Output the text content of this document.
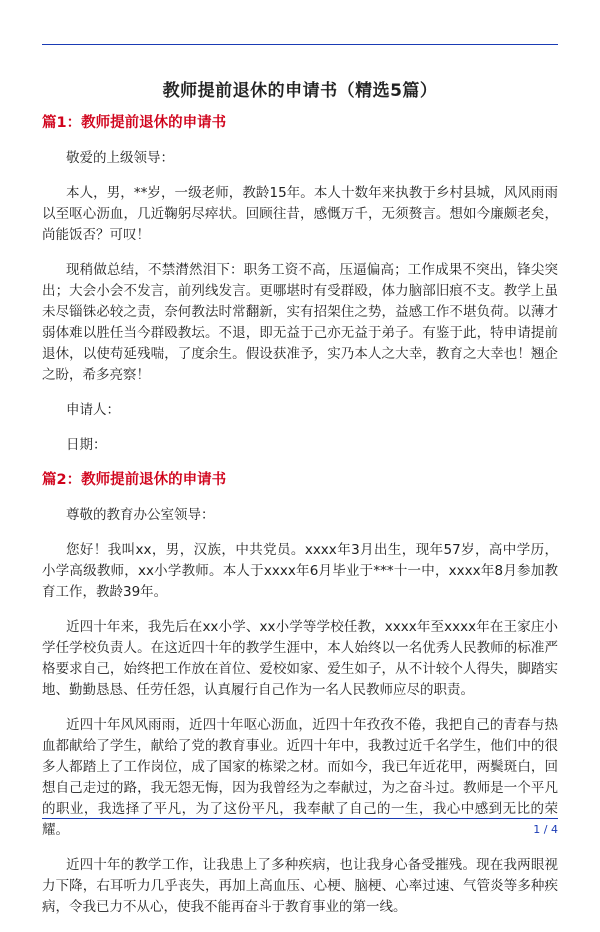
教师提前退休的申请书（精选5篇）
篇1：教师提前退休的申请书

敬爱的上级领导：

本人，男，**岁，一级老师，教龄15年。本人十数年来执教于乡村县城，风风雨雨以至呕心沥血，几近鞠躬尽瘁状。回顾往昔，感慨万千，无须赘言。想如今廉颇老矣，尚能饭否？可叹！

现稍做总结，不禁潸然泪下：职务工资不高，压逼偏高；工作成果不突出，锋尖突出；大会小会不发言，前列线发言。更哪堪时有受群殴，体力脑部旧痕不支。教学上虽未尽锱铢必较之责，奈何教法时常翻新，实有招架住之势，益感工作不堪负荷。以薄才弱体难以胜任当今群殴教坛。不退，即无益于己亦无益于弟子。有鉴于此，特申请提前退休，以使苟延残喘，了度余生。假设获准予，实乃本人之大幸，教育之大幸也！翘企之盼，希多亮察！

申请人：

日期：

篇2：教师提前退休的申请书

尊敬的教育办公室领导：

您好！我叫xx，男，汉族，中共党员。xxxx年3月出生，现年57岁，高中学历，小学高级教师，xx小学教师。本人于xxxx年6月毕业于***十一中，xxxx年8月参加教育工作，教龄39年。

近四十年来，我先后在xx小学、xx小学等学校任教，xxxx年至xxxx年在王家庄小学任学校负责人。在这近四十年的教学生涯中，本人始终以一名优秀人民教师的标准严格要求自己，始终把工作放在首位、爱校如家、爱生如子，从不计较个人得失，脚踏实地、勤勤恳恳、任劳任怨，认真履行自己作为一名人民教师应尽的职责。

近四十年风风雨雨，近四十年呕心沥血，近四十年孜孜不倦，我把自己的青春与热血都献给了学生，献给了党的教育事业。近四十年中，我教过近千名学生，他们中的很多人都踏上了工作岗位，成了国家的栋梁之材。而如今，我已年近花甲，两鬓斑白，回想自己走过的路，我无怨无悔，因为我曾经为之奉献过，为之奋斗过。教师是一个平凡的职业，我选择了平凡，为了这份平凡，我奉献了自己的一生，我心中感到无比的荣耀。

近四十年的教学工作，让我患上了多种疾病，也让我身心备受摧残。现在我两眼视力下降，右耳听力几乎丧失，再加上高血压、心梗、脑梗、心率过速、气管炎等多种疾病，令我已力不从心，使我不能再奋斗于教育事业的第一线。

1 / 4
